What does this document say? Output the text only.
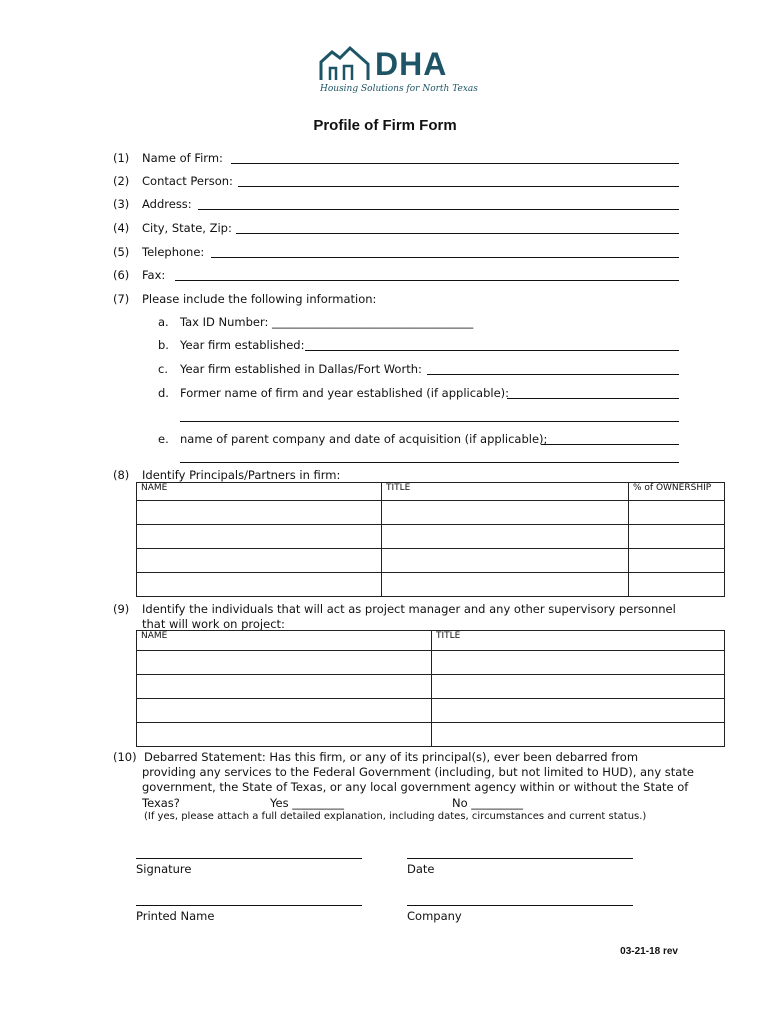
DHA
Housing Solutions for North Texas
Profile of Firm Form
(1) Name of Firm:
(2) Contact Person:
(3) Address:
(4) City, State, Zip:
(5) Telephone:
(6) Fax:
(7) Please include the following information:
a. Tax ID Number: ___________________________________
b. Year firm established:
c. Year firm established in Dallas/Fort Worth:
d. Former name of firm and year established (if applicable):
e. name of parent company and date of acquisition (if applicable);
(8) Identify Principals/Partners in firm:
NAME	TITLE	% of OWNERSHIP

(9) Identify the individuals that will act as project manager and any other supervisory personnel
that will work on project:
NAME	TITLE

(10) Debarred Statement: Has this firm, or any of its principal(s), ever been debarred from
providing any services to the Federal Government (including, but not limited to HUD), any state
government, the State of Texas, or any local government agency within or without the State of
Texas?	Yes _________	No _________
(If yes, please attach a full detailed explanation, including dates, circumstances and current status.)
Signature	Date
Printed Name	Company
03-21-18 rev
